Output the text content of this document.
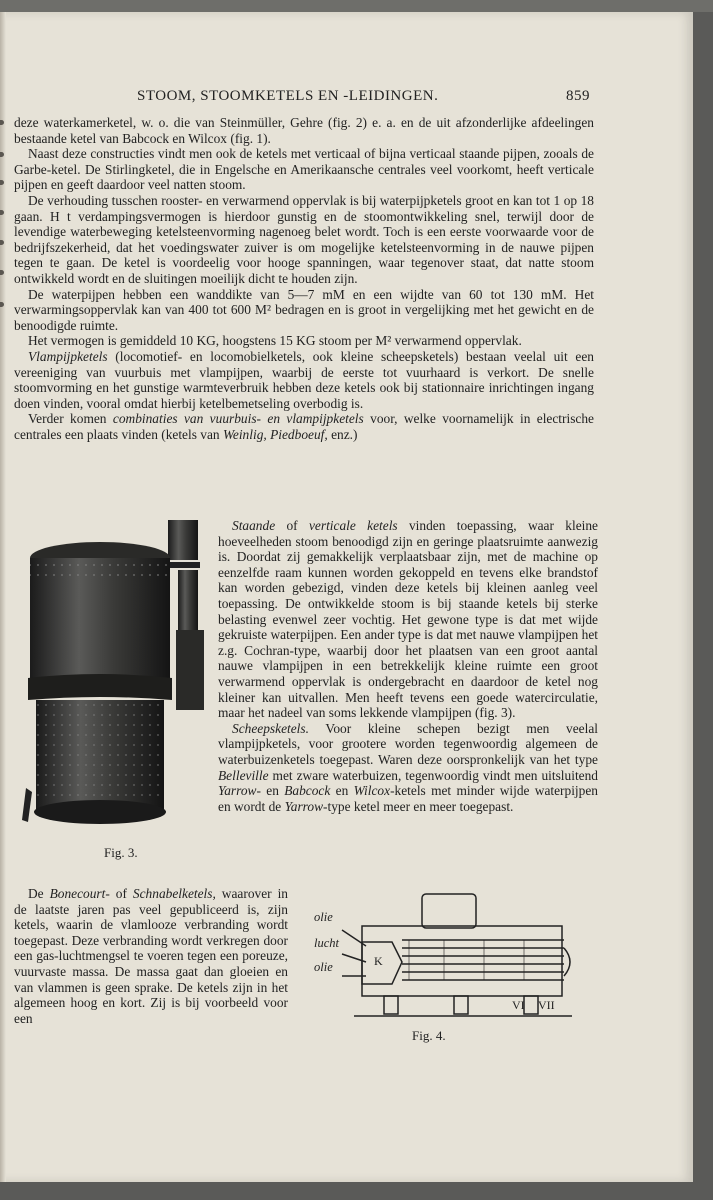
STOOM, STOOMKETELS EN -LEIDINGEN.	859

deze waterkamerketel, w. o. die van Steinmüller, Gehre (fig. 2) e. a. en de uit afzonderlijke afdeelingen bestaande ketel van Babcock en Wilcox (fig. 1).

Naast deze constructies vindt men ook de ketels met verticaal of bijna verticaal staande pijpen, zooals de Garbe-ketel. De Stirlingketel, die in Engelsche en Amerikaansche centrales veel voorkomt, heeft verticale pijpen en geeft daardoor veel natten stoom.

De verhouding tusschen rooster- en verwarmend oppervlak is bij waterpijpketels groot en kan tot 1 op 18 gaan. H t verdampingsvermogen is hierdoor gunstig en de stoomontwikkeling snel, terwijl door de levendige waterbeweging ketelsteenvorming nagenoeg belet wordt. Toch is een eerste voorwaarde voor de bedrijfszekerheid, dat het voedingswater zuiver is om mogelijke ketelsteenvorming in de nauwe pijpen tegen te gaan. De ketel is voordeelig voor hooge spanningen, waar tegenover staat, dat natte stoom ontwikkeld wordt en de sluitingen moeilijk dicht te houden zijn.

De waterpijpen hebben een wanddikte van 5—7 mM en een wijdte van 60 tot 130 mM. Het verwarmingsoppervlak kan van 400 tot 600 M² bedragen en is groot in vergelijking met het gewicht en de benoodigde ruimte.

Het vermogen is gemiddeld 10 KG, hoogstens 15 KG stoom per M² verwarmend oppervlak.

Vlampijpketels (locomotief- en locomobielketels, ook kleine scheepsketels) bestaan veelal uit een vereeniging van vuurbuis met vlampijpen, waarbij de eerste tot vuurhaard is verkort. De snelle stoomvorming en het gunstige warmteverbruik hebben deze ketels ook bij stationnaire inrichtingen ingang doen vinden, vooral omdat hierbij ketelbemetseling overbodig is.

Verder komen combinaties van vuurbuis- en vlampijpketels voor, welke voornamelijk in electrische centrales een plaats vinden (ketels van Weinlig, Piedboeuf, enz.)

Fig. 3.

Staande of verticale ketels vinden toepassing, waar kleine hoeveelheden stoom benoodigd zijn en geringe plaatsruimte aanwezig is. Doordat zij gemakkelijk verplaatsbaar zijn, met de machine op eenzelfde raam kunnen worden gekoppeld en tevens elke brandstof kan worden gebezigd, vinden deze ketels bij kleinen aanleg veel toepassing. De ontwikkelde stoom is bij staande ketels bij sterke belasting evenwel zeer vochtig. Het gewone type is dat met wijde gekruiste waterpijpen. Een ander type is dat met nauwe vlampijpen het z.g. Cochran-type, waarbij door het plaatsen van een groot aantal nauwe vlampijpen in een betrekkelijk kleine ruimte een groot verwarmend oppervlak is ondergebracht en daardoor de ketel nog kleiner kan uitvallen. Men heeft tevens een goede watercirculatie, maar het nadeel van soms lekkende vlampijpen (fig. 3).

Scheepsketels. Voor kleine schepen bezigt men veelal vlampijpketels, voor grootere worden tegenwoordig algemeen de waterbuizenketels toegepast. Waren deze oorspronkelijk van het type Belleville met zware waterbuizen, tegenwoordig vindt men uitsluitend Yarrow- en Babcock en Wilcox-ketels met minder wijde waterpijpen en wordt de Yarrow-type ketel meer en meer toegepast.

De Bonecourt- of Schnabelketels, waarover in de laatste jaren pas veel gepubliceerd is, zijn ketels, waarin de vlamlooze verbranding wordt toegepast. Deze verbranding wordt verkregen door een gas-luchtmengsel te voeren tegen een poreuze, vuurvaste massa. De massa gaat dan gloeien en van vlammen is geen sprake. De ketels zijn in het algemeen hoog en kort. Zij is bij voorbeeld voor een

olie
lucht
olie	K
VI VII
Fig. 4.
